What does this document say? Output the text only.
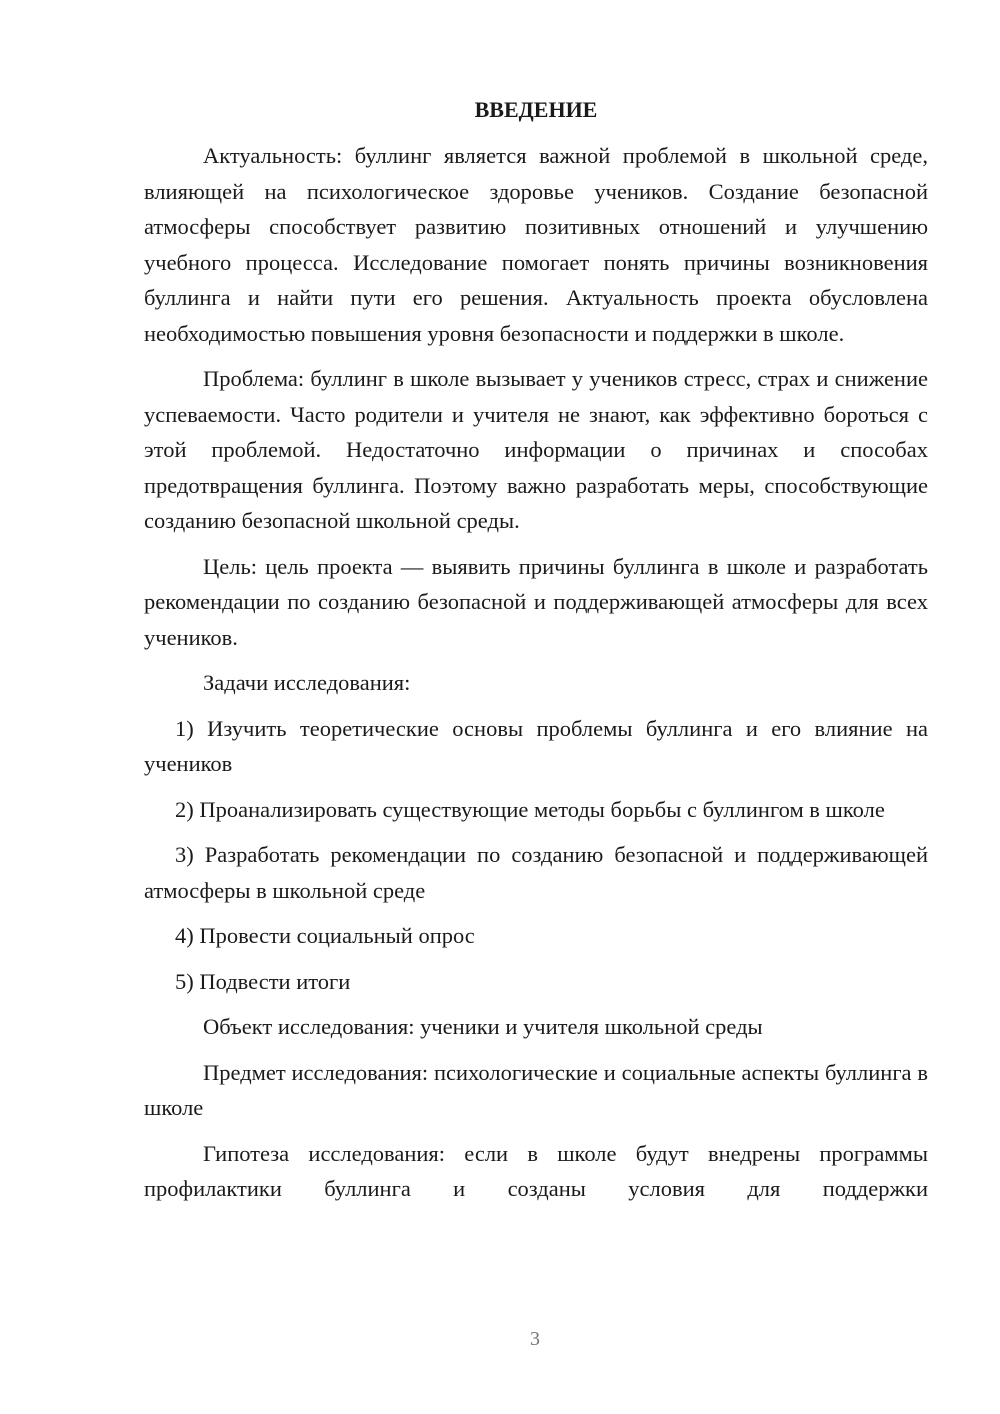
ВВЕДЕНИЕ

Актуальность: буллинг является важной проблемой в школьной среде, влияющей на психологическое здоровье учеников. Создание безопасной атмосферы способствует развитию позитивных отношений и улучшению учебного процесса. Исследование помогает понять причины возникновения буллинга и найти пути его решения. Актуальность проекта обусловлена необходимостью повышения уровня безопасности и поддержки в школе.

Проблема: буллинг в школе вызывает у учеников стресс, страх и снижение успеваемости. Часто родители и учителя не знают, как эффективно бороться с этой проблемой. Недостаточно информации о причинах и способах предотвращения буллинга. Поэтому важно разработать меры, способствующие созданию безопасной школьной среды.

Цель: цель проекта — выявить причины буллинга в школе и разработать рекомендации по созданию безопасной и поддерживающей атмосферы для всех учеников.

Задачи исследования:

1) Изучить теоретические основы проблемы буллинга и его влияние на учеников

2) Проанализировать существующие методы борьбы с буллингом в школе

3) Разработать рекомендации по созданию безопасной и поддерживающей атмосферы в школьной среде

4) Провести социальный опрос

5) Подвести итоги

Объект исследования: ученики и учителя школьной среды

Предмет исследования: психологические и социальные аспекты буллинга в школе

Гипотеза исследования: если в школе будут внедрены программы профилактики буллинга и созданы условия для поддержки

3
